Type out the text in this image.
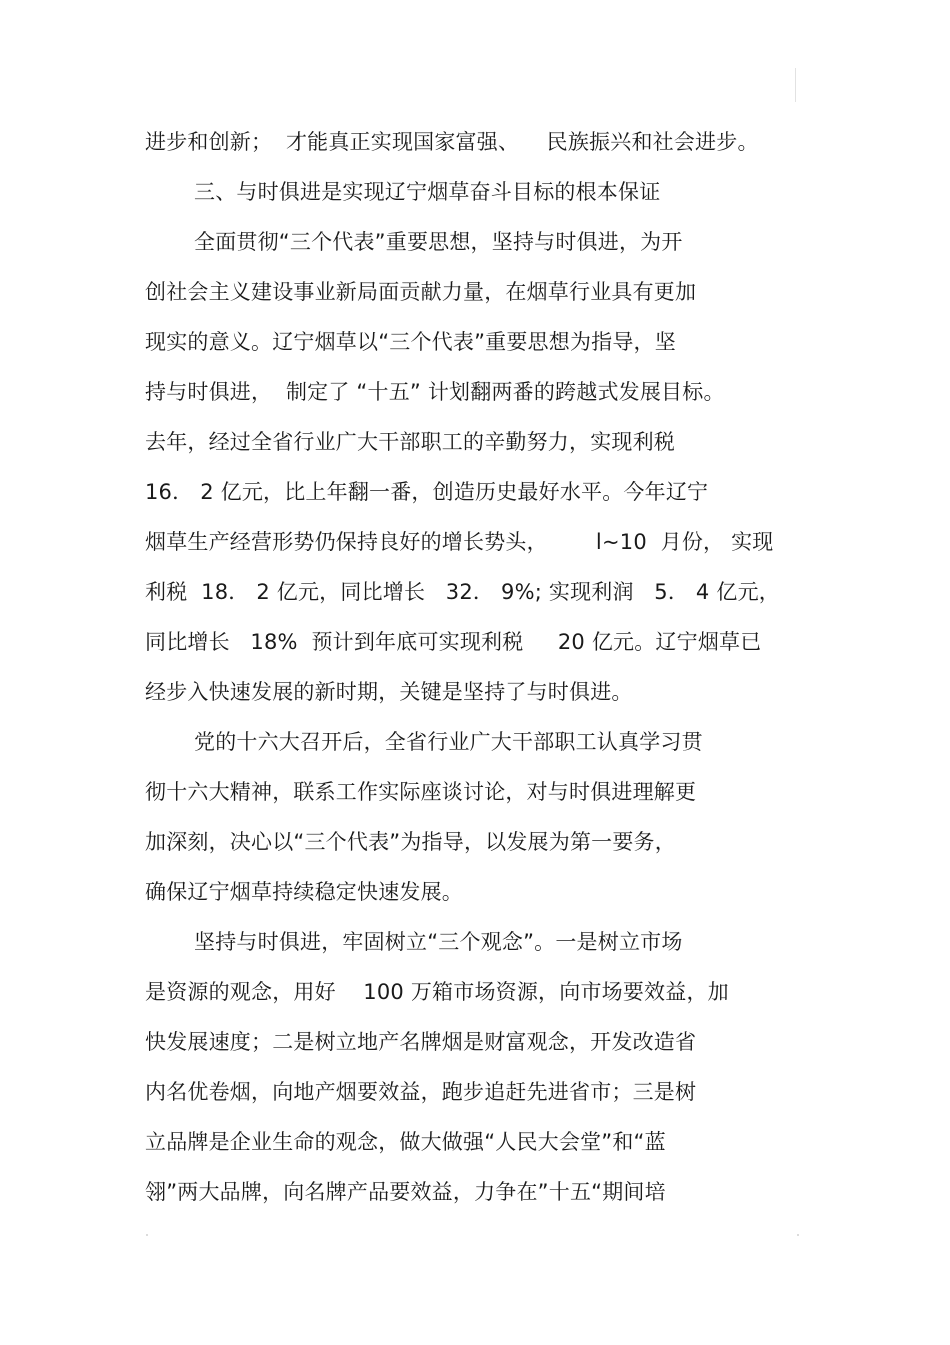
进步和创新；  才能真正实现国家富强、    民族振兴和社会进步。
三、与时俱进是实现辽宁烟草奋斗目标的根本保证
全面贯彻“三个代表”重要思想，坚持与时俱进，为开
创社会主义建设事业新局面贡献力量，在烟草行业具有更加
现实的意义。辽宁烟草以“三个代表”重要思想为指导，坚
持与时俱进，  制定了 “十五” 计划翻两番的跨越式发展目标。
去年，经过全省行业广大干部职工的辛勤努力，实现利税
16． 2 亿元，比上年翻一番，创造历史最好水平。今年辽宁
烟草生产经营形势仍保持良好的增长势头，       l~10  月份， 实现
利税  18． 2 亿元，同比增长   32． 9%; 实现利润   5． 4 亿元，
同比增长   18%  预计到年底可实现利税     20 亿元。辽宁烟草已
经步入快速发展的新时期，关键是坚持了与时俱进。
党的十六大召开后，全省行业广大干部职工认真学习贯
彻十六大精神，联系工作实际座谈讨论，对与时俱进理解更
加深刻，决心以“三个代表”为指导，以发展为第一要务，
确保辽宁烟草持续稳定快速发展。
坚持与时俱进，牢固树立“三个观念”。一是树立市场
是资源的观念，用好    100 万箱市场资源，向市场要效益，加
快发展速度；二是树立地产名牌烟是财富观念，开发改造省
内名优卷烟，向地产烟要效益，跑步追赶先进省市；三是树
立品牌是企业生命的观念，做大做强“人民大会堂”和“蓝
翎”两大品牌，向名牌产品要效益，力争在”十五“期间培
